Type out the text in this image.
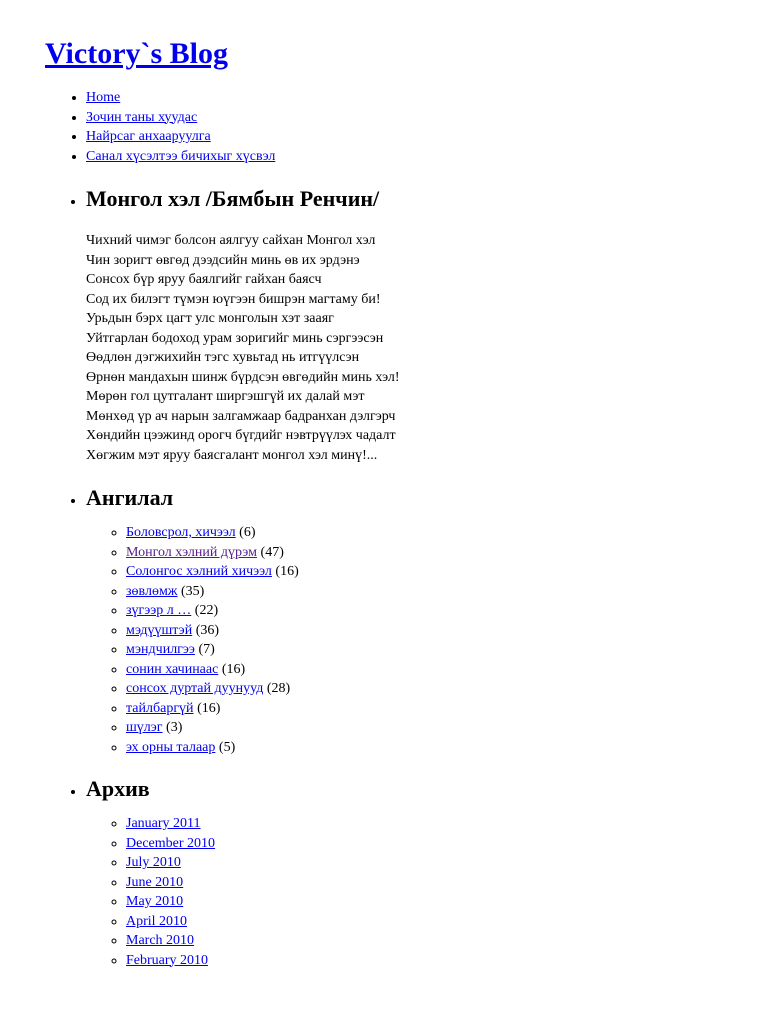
Victory`s Blog
• Home
• Зочин таны хуудас
• Найрсаг анхааруулга
• Санал хүсэлтээ бичихыг хүсвэл
• Монгол хэл /Бямбын Ренчин/
Чихний чимэг болсон аялгуу сайхан Монгол хэл
Чин зоригт өвгөд дээдсийн минь өв их эрдэнэ
Сонсох бүр яруу баялгийг гайхан баясч
Сод их билэгт түмэн юүгээн бишрэн магтаму би!
Урьдын бэрх цагт улс монголын хэт зааяг
Уйтгарлан бодоход урам зоригийг минь сэргээсэн
Өөдлөн дэгжихийн тэгс хувьтад нь итгүүлсэн
Өрнөн мандахын шинж бүрдсэн өвгөдийн минь хэл!
Мөрөн гол цутгалант ширгэшгүй их далай мэт
Мөнхөд үр ач нарын залгамжаар бадранхан дэлгэрч
Хөндийн цээжинд орогч бүгдийг нэвтрүүлэх чадалт
Хөгжим мэт яруу баясгалант монгол хэл минү!...
• Ангилал
◦ Боловсрол, хичээл (6)
◦ Монгол хэлний дүрэм (47)
◦ Солонгос хэлний хичээл (16)
◦ зөвлөмж (35)
◦ зүгээр л … (22)
◦ мэдүүштэй (36)
◦ мэндчилгээ (7)
◦ сонин хачинаас (16)
◦ сонсох дуртай дуунууд (28)
◦ тайлбаргүй (16)
◦ шүлэг (3)
◦ эх орны талаар (5)
• Архив
◦ January 2011
◦ December 2010
◦ July 2010
◦ June 2010
◦ May 2010
◦ April 2010
◦ March 2010
◦ February 2010
